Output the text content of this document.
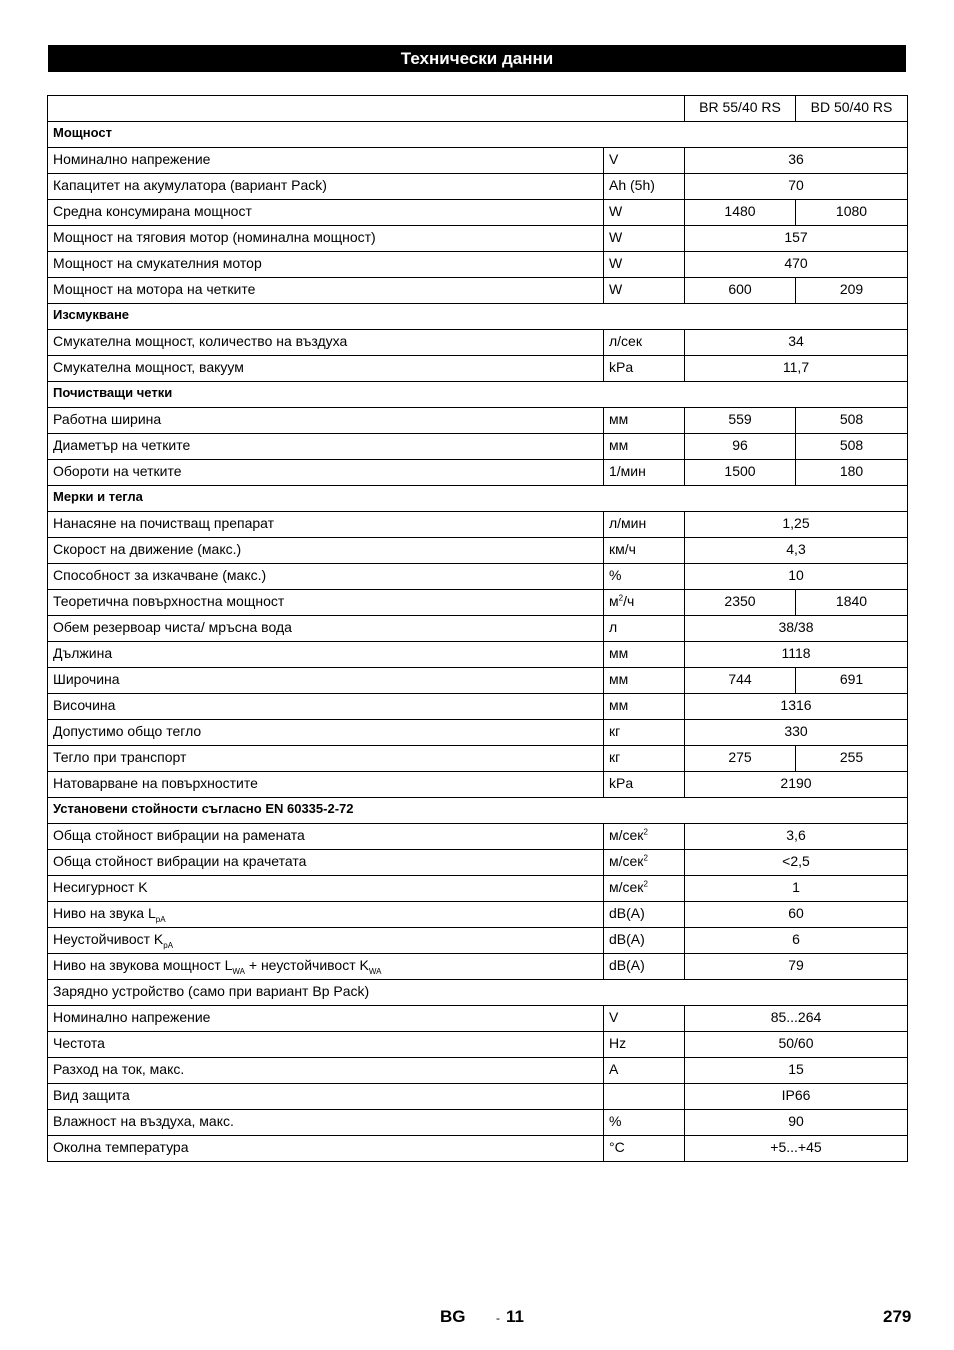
Технически данни
		BR 55/40 RS	BD 50/40 RS
Мощност			
Номинално напрежение	V	36	
Капацитет на акумулатора (вариант Pack)	Ah (5h)	70	
Средна консумирана мощност	W	1480	1080
Мощност на тяговия мотор (номинална мощност)	W	157	
Мощност на смукателния мотор	W	470	
Мощност на мотора на четките	W	600	209
Изсмукване			
Смукателна мощност, количество на въздуха	л/сек	34	
Смукателна мощност, вакуум	kPa	11,7	
Почистващи четки			
Работна ширина	мм	559	508
Диаметър на четките	мм	96	508
Обороти на четките	1/мин	1500	180
Мерки и тегла			
Нанасяне на почистващ препарат	л/мин	1,25	
Скорост на движение (макс.)	км/ч	4,3	
Способност за изкачване (макс.)	%	10	
Теоретична повърхностна мощност	$м^2/ч$	2350	1840
Обем резервоар чиста/ мръсна вода	л	38/38	
Дължина	мм	1118	
Широчина	мм	744	691
Височина	мм	1316	
Допустимо общо тегло	кг	330	
Тегло при транспорт	кг	275	255
Натоварване на повърхностите	kPa	2190	
Установени стойности съгласно EN 60335-2-72			
Обща стойност вибрации на рамената	м/сек$^2$	3,6	
Обща стойност вибрации на крачетата	м/сек$^2$	<2,5	
Несигурност K	м/сек$^2$	1	
Ниво на звука $L_{pA}$	dB(A)	60	
Неустойчивост $K_{pA}$	dB(A)	6	
Ниво на звукова мощност $L_{WA}$ + неустойчивост $K_{WA}$	dB(A)	79	
Зарядно устройство (само при вариант Bp Pack)			
Номинално напрежение	V	85...264	
Честота	Hz	50/60	
Разход на ток, макс.	A	15	
Вид защита		IP66	
Влажност на въздуха, макс.	%	90	
Околна температура	°C	+5...+45	
BG	- 11	279
